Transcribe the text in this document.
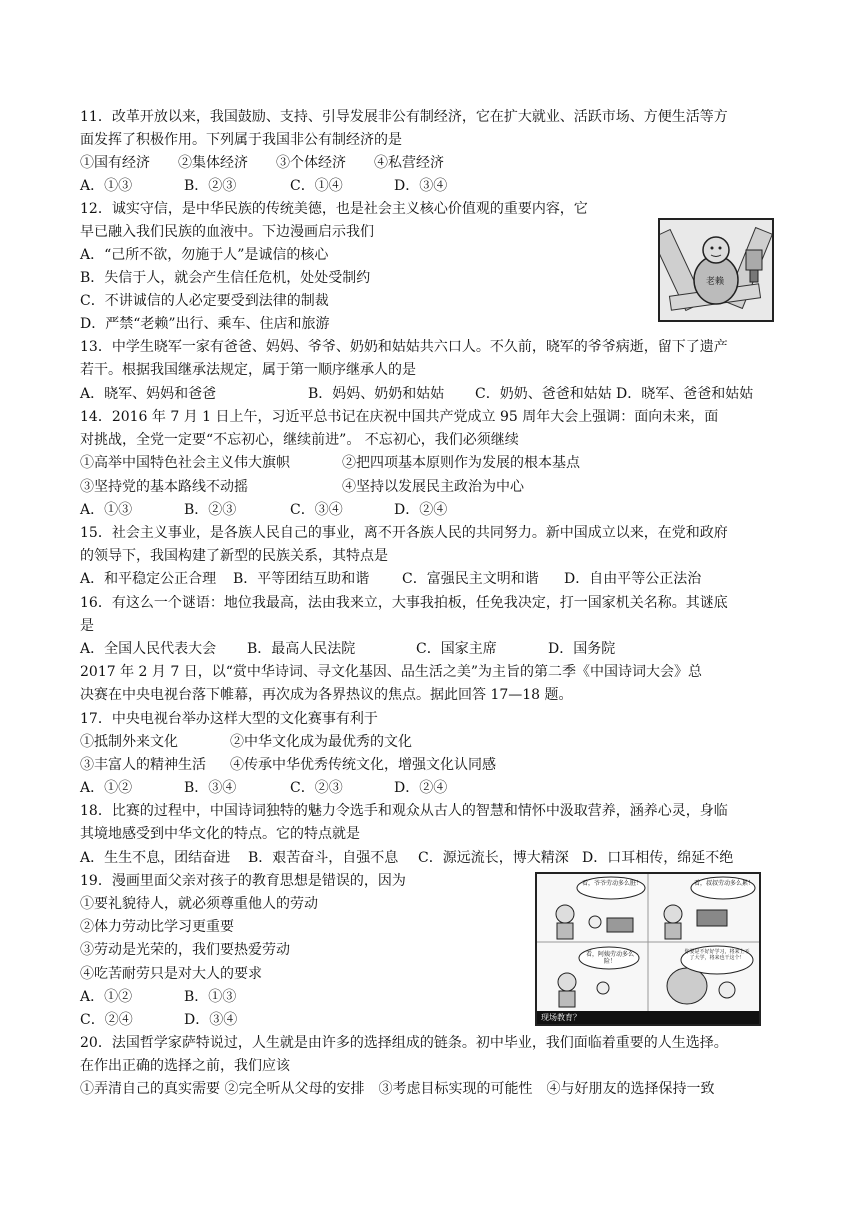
11．改革开放以来，我国鼓励、支持、引导发展非公有制经济，它在扩大就业、活跃市场、方便生活等方
面发挥了积极作用。下列属于我国非公有制经济的是
①国有经济　　②集体经济　　③个体经济　　④私营经济
A．①③	B．②③	C．①④	D．③④
12．诚实守信，是中华民族的传统美德，也是社会主义核心价值观的重要内容，它
早已融入我们民族的血液中。下边漫画启示我们
A．“己所不欲，勿施于人”是诚信的核心
B．失信于人，就会产生信任危机，处处受制约
C．不讲诚信的人必定要受到法律的制裁
D．严禁“老赖”出行、乘车、住店和旅游
老赖
13．中学生晓军一家有爸爸、妈妈、爷爷、奶奶和姑姑共六口人。不久前，晓军的爷爷病逝，留下了遗产
若干。根据我国继承法规定，属于第一顺序继承人的是
A．晓军、妈妈和爸爸	B．妈妈、奶奶和姑姑	C．奶奶、爸爸和姑姑 D．晓军、爸爸和姑姑
14．2016 年 7 月 1 日上午，习近平总书记在庆祝中国共产党成立 95 周年大会上强调：面向未来，面
对挑战，全党一定要“不忘初心，继续前进”。 不忘初心，我们必须继续
①高举中国特色社会主义伟大旗帜	②把四项基本原则作为发展的根本基点
③坚持党的基本路线不动摇	④坚持以发展民主政治为中心
A．①③	B．②③	C．③④	D．②④
15．社会主义事业，是各族人民自己的事业，离不开各族人民的共同努力。新中国成立以来，在党和政府
的领导下，我国构建了新型的民族关系，其特点是
A．和平稳定公正合理	B．平等团结互助和谐	C．富强民主文明和谐	D．自由平等公正法治
16．有这么一个谜语：地位我最高，法由我来立，大事我拍板，任免我决定，打一国家机关名称。其谜底
是
A．全国人民代表大会	B．最高人民法院	C．国家主席	D．国务院
2017 年 2 月 7 日，以“赏中华诗词、寻文化基因、品生活之美”为主旨的第二季《中国诗词大会》总
决赛在中央电视台落下帷幕，再次成为各界热议的焦点。据此回答 17—18 题。
17．中央电视台举办这样大型的文化赛事有利于
①抵制外来文化	②中华文化成为最优秀的文化
③丰富人的精神生活	④传承中华优秀传统文化，增强文化认同感
A．①②	B．③④	C．②③	D．②④
18．比赛的过程中，中国诗词独特的魅力令选手和观众从古人的智慧和情怀中汲取营养，涵养心灵，身临
其境地感受到中华文化的特点。它的特点就是
A．生生不息，团结奋进	B．艰苦奋斗，自强不息	C．源远流长，博大精深 D．口耳相传，绵延不绝
19．漫画里面父亲对孩子的教育思想是错误的，因为
①要礼貌待人，就必须尊重他人的劳动
②体力劳动比学习更重要
③劳动是光荣的，我们要热爱劳动
④吃苦耐劳只是对大人的要求
A．①②	B．①③
C．②④	D．③④
看，爷爷劳动多么脏！	看，叔叔劳动多么累！
看，阿姨劳动多么险！
你要是不好好学习，将来上不了大学，将来也干这个！
现场教育？
20．法国哲学家萨特说过，人生就是由许多的选择组成的链条。初中毕业，我们面临着重要的人生选择。
在作出正确的选择之前，我们应该
①弄清自己的真实需要 ②完全听从父母的安排　③考虑目标实现的可能性　④与好朋友的选择保持一致
